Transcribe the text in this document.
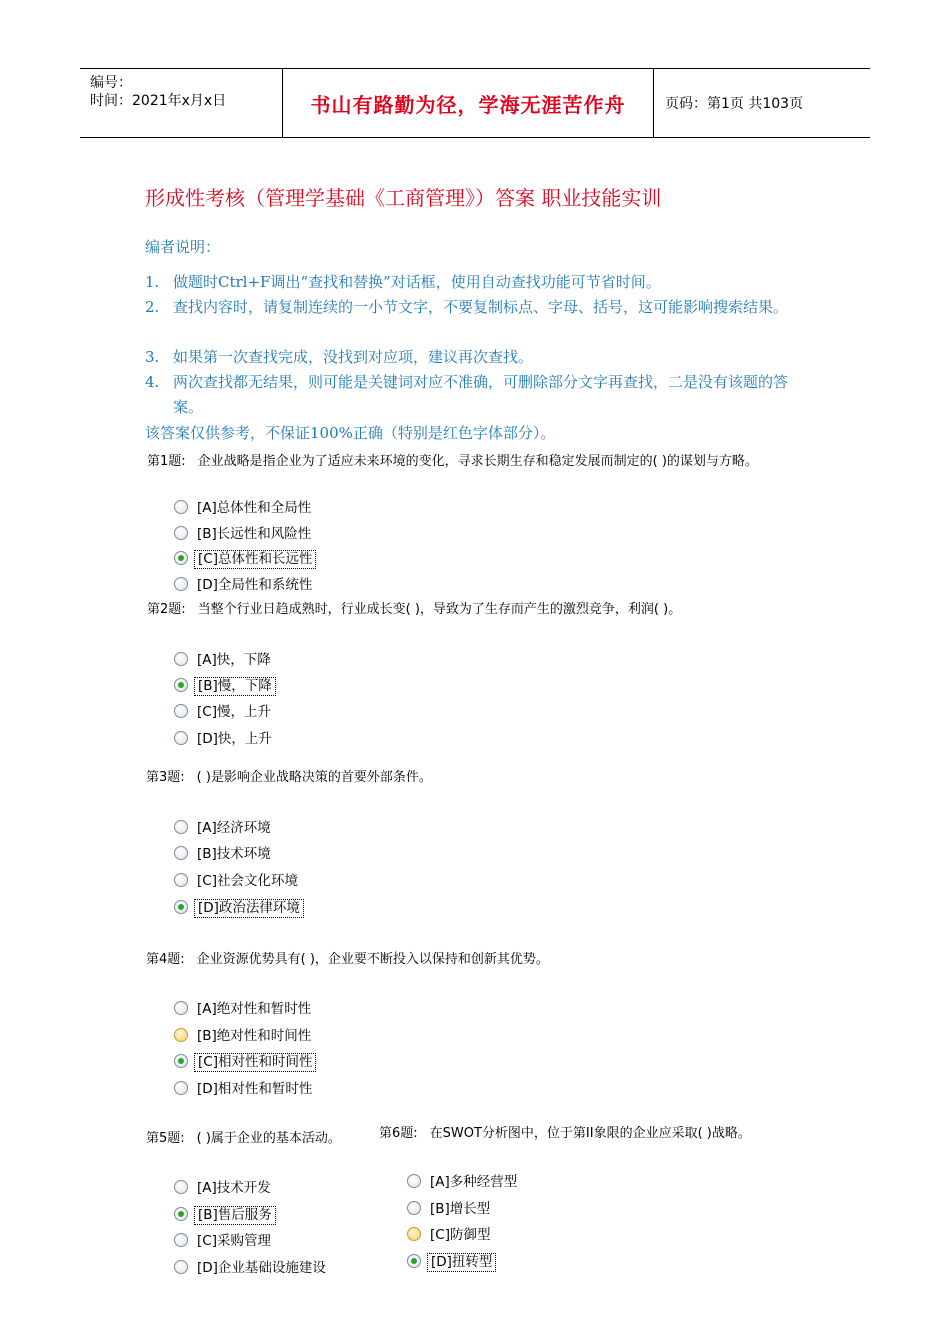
编号：
时间：2021年x月x日	书山有路勤为径，学海无涯苦作舟	页码：第1页 共103页
形成性考核（管理学基础《工商管理》）答案 职业技能实训
编者说明：
1. 做题时Ctrl+F调出“查找和替换”对话框，使用自动查找功能可节省时间。
2. 查找内容时，请复制连续的一小节文字，不要复制标点、字母、括号，这可能影响搜索结果。
3. 如果第一次查找完成，没找到对应项，建议再次查找。
4. 两次查找都无结果，则可能是关键词对应不准确，可删除部分文字再查找，二是没有该题的答案。
该答案仅供参考，不保证100%正确（特别是红色字体部分）。
第1题: 企业战略是指企业为了适应未来环境的变化，寻求长期生存和稳定发展而制定的( )的谋划与方略。
[A]总体性和全局性
[B]长远性和风险性
[C]总体性和长远性
[D]全局性和系统性
第2题: 当整个行业日趋成熟时，行业成长变( )，导致为了生存而产生的激烈竞争，利润( )。
[A]快，下降
[B]慢，下降
[C]慢，上升
[D]快，上升
第3题: ( )是影响企业战略决策的首要外部条件。
[A]经济环境
[B]技术环境
[C]社会文化环境
[D]政治法律环境
第4题: 企业资源优势具有( )，企业要不断投入以保持和创新其优势。
[A]绝对性和暂时性
[B]绝对性和时间性
[C]相对性和时间性
[D]相对性和暂时性
第5题: ( )属于企业的基本活动。
[A]技术开发
[B]售后服务
[C]采购管理
[D]企业基础设施建设
第6题: 在SWOT分析图中，位于第II象限的企业应采取( )战略。
[A]多种经营型
[B]增长型
[C]防御型
[D]扭转型
